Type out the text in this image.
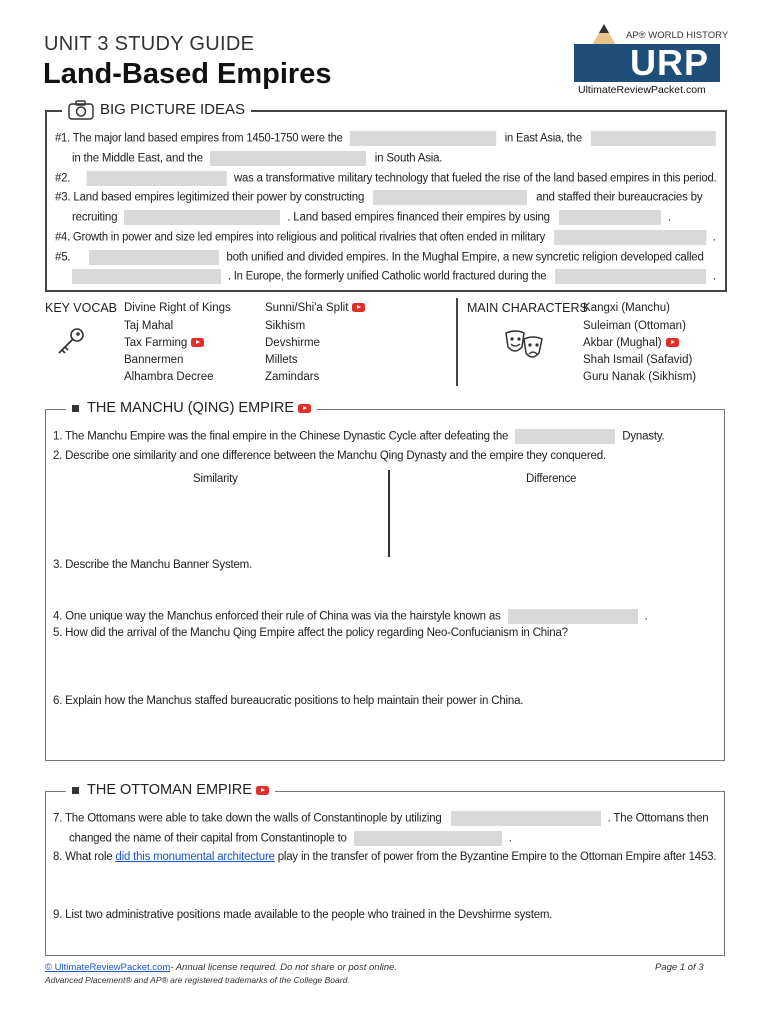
UNIT 3 STUDY GUIDE
Land-Based Empires
AP® WORLD HISTORY
URP
UltimateReviewPacket.com
BIG PICTURE IDEAS
#1. The major land based empires from 1450-1750 were the	in East Asia, the
in the Middle East, and the	in South Asia.
#2.	was a transformative military technology that fueled the rise of the land based empires in this period.
#3. Land based empires legitimized their power by constructing	and staffed their bureaucracies by
recruiting	. Land based empires financed their empires by using	.
#4. Growth in power and size led empires into religious and political rivalries that often ended in military	.
#5.	both unified and divided empires. In the Mughal Empire, a new syncretic religion developed called
. In Europe, the formerly unified Catholic world fractured during the	.
KEY VOCAB Divine Right of Kings
Taj Mahal
Tax Farming
Bannermen
Alhambra Decree
Sunni/Shi'a Split
Sikhism
Devshirme
Millets
Zamindars
MAIN CHARACTERS
Kangxi (Manchu)
Suleiman (Ottoman)
Akbar (Mughal)
Shah Ismail (Safavid)
Guru Nanak (Sikhism)
THE MANCHU (QING) EMPIRE
1. The Manchu Empire was the final empire in the Chinese Dynastic Cycle after defeating the	Dynasty.
2. Describe one similarity and one difference between the Manchu Qing Dynasty and the empire they conquered.
Similarity	Difference
3. Describe the Manchu Banner System.
4. One unique way the Manchus enforced their rule of China was via the hairstyle known as	.
5. How did the arrival of the Manchu Qing Empire affect the policy regarding Neo-Confucianism in China?
6. Explain how the Manchus staffed bureaucratic positions to help maintain their power in China.
THE OTTOMAN EMPIRE
7. The Ottomans were able to take down the walls of Constantinople by utilizing	. The Ottomans then
changed the name of their capital from Constantinople to	.
8. What role did this monumental architecture play in the transfer of power from the Byzantine Empire to the Ottoman Empire after 1453.
9. List two administrative positions made available to the people who trained in the Devshirme system.
© UltimateReviewPacket.com- Annual license required. Do not share or post online.
Advanced Placement® and AP® are registered trademarks of the College Board.
Page 1 of 3
